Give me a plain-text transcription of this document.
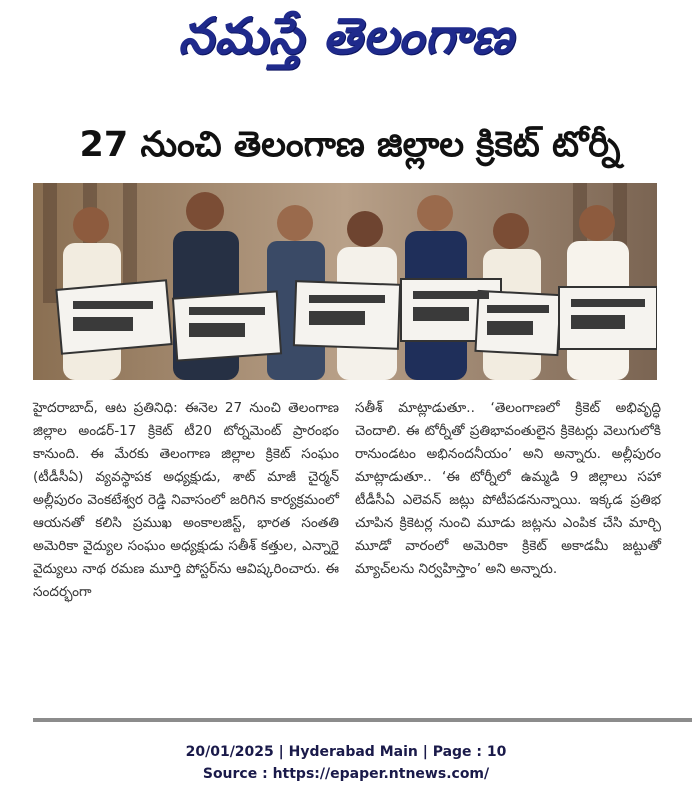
నమస్తే తెలంగాణ
27 నుంచి తెలంగాణ జిల్లాల క్రికెట్ టోర్నీ

హైదరాబాద్, ఆట ప్రతినిధి: ఈనెల 27 నుంచి తెలంగాణ జిల్లాల అండర్-17 క్రికెట్ టీ20 టోర్నమెంట్ ప్రారంభం కానుంది. ఈ మేరకు తెలంగాణ జిల్లాల క్రికెట్ సంఘం (టీడీసీఏ) వ్యవస్థాపక అధ్యక్షుడు, శాట్ మాజీ చైర్మన్ అల్లీపురం వెంకటేశ్వర రెడ్డి నివాసంలో జరిగిన కార్యక్రమంలో ఆయనతో కలిసి ప్రముఖ అంకాలజిస్ట్, భారత సంతతి అమెరికా వైద్యుల సంఘం అధ్యక్షుడు సతీశ్ కత్తుల, ఎన్నారై వైద్యులు నాథ రమణ మూర్తి పోస్టర్‌ను ఆవిష్కరించారు. ఈ సందర్భంగా

సతీశ్ మాట్లాడుతూ.. ‘తెలంగాణలో క్రికెట్ అభివృద్ధి చెందాలి. ఈ టోర్నీతో ప్రతిభావంతులైన క్రికెటర్లు వెలుగులోకి రానుండటం అభినందనీయం’ అని అన్నారు. అల్లీపురం మాట్లాడుతూ.. ‘ఈ టోర్నీలో ఉమ్మడి 9 జిల్లాలు సహా టీడీసీఏ ఎలెవన్ జట్లు పోటీపడనున్నాయి. ఇక్కడ ప్రతిభ చూపిన క్రికెటర్ల నుంచి మూడు జట్లను ఎంపిక చేసి మార్చి మూడో వారంలో అమెరికా క్రికెట్ అకాడమీ జట్టుతో మ్యాచ్‌లను నిర్వహిస్తాం’ అని అన్నారు.

20/01/2025 | Hyderabad Main | Page : 10
Source : https://epaper.ntnews.com/
